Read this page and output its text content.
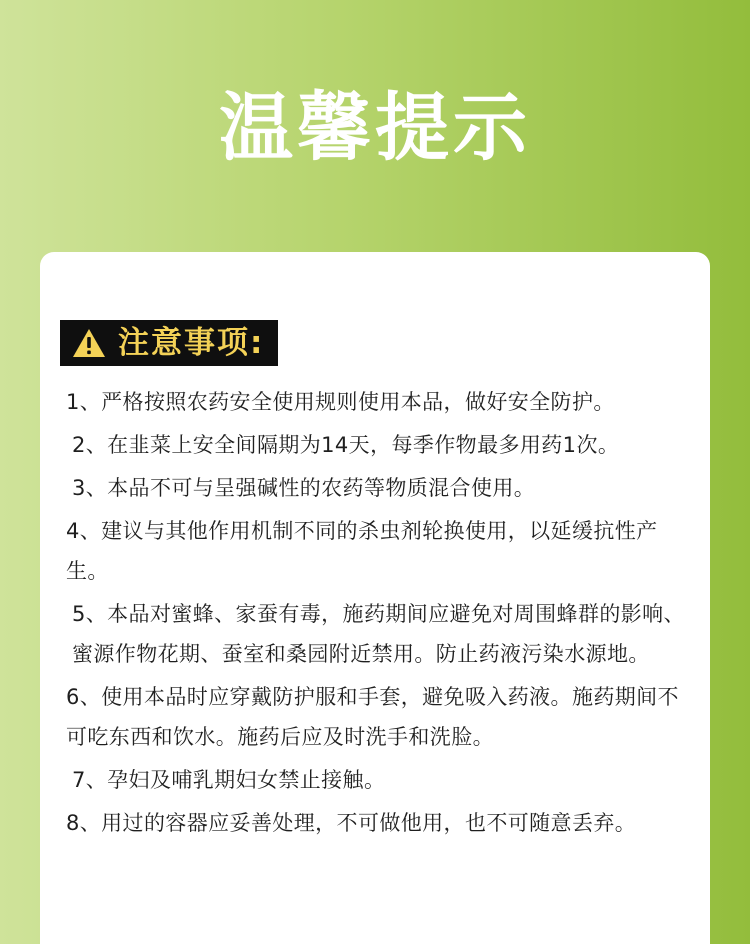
温馨提示
注意事项:
1、严格按照农药安全使用规则使用本品，做好安全防护。
2、在韭菜上安全间隔期为14天，每季作物最多用药1次。
3、本品不可与呈强碱性的农药等物质混合使用。
4、建议与其他作用机制不同的杀虫剂轮换使用，以延缓抗性产生。
5、本品对蜜蜂、家蚕有毒，施药期间应避免对周围蜂群的影响、蜜源作物花期、蚕室和桑园附近禁用。防止药液污染水源地。
6、使用本品时应穿戴防护服和手套，避免吸入药液。施药期间不可吃东西和饮水。施药后应及时洗手和洗脸。
7、孕妇及哺乳期妇女禁止接触。
8、用过的容器应妥善处理，不可做他用，也不可随意丢弃。
